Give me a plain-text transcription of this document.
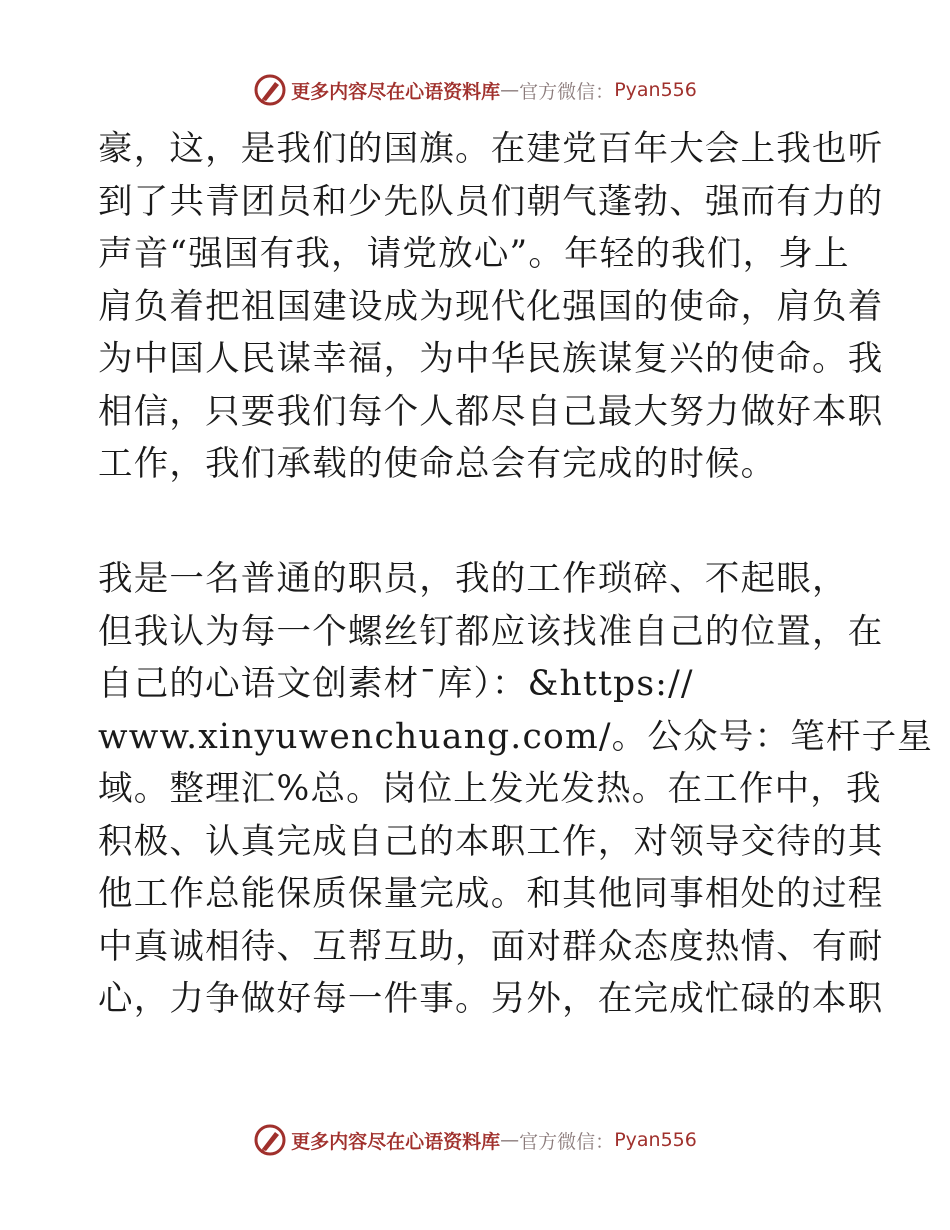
更多内容尽在心语资料库 — 官方微信： Pyan556
豪，这，是我们的国旗。在建党百年大会上我也听
到了共青团员和少先队员们朝气蓬勃、强而有力的
声音“强国有我，请党放心”。年轻的我们，身上
肩负着把祖国建设成为现代化强国的使命，肩负着
为中国人民谋幸福，为中华民族谋复兴的使命。我
相信，只要我们每个人都尽自己最大努力做好本职
工作，我们承载的使命总会有完成的时候。
我是一名普通的职员，我的工作琐碎、不起眼，
但我认为每一个螺丝钉都应该找准自己的位置，在
自己的心语文创素材¯库）：&https://
www.xinyuwenchuang.com/。公众号：笔杆子星
域。整理汇%总。岗位上发光发热。在工作中，我
积极、认真完成自己的本职工作，对领导交待的其
他工作总能保质保量完成。和其他同事相处的过程
中真诚相待、互帮互助，面对群众态度热情、有耐
心，力争做好每一件事。另外，在完成忙碌的本职
更多内容尽在心语资料库 — 官方微信： Pyan556
